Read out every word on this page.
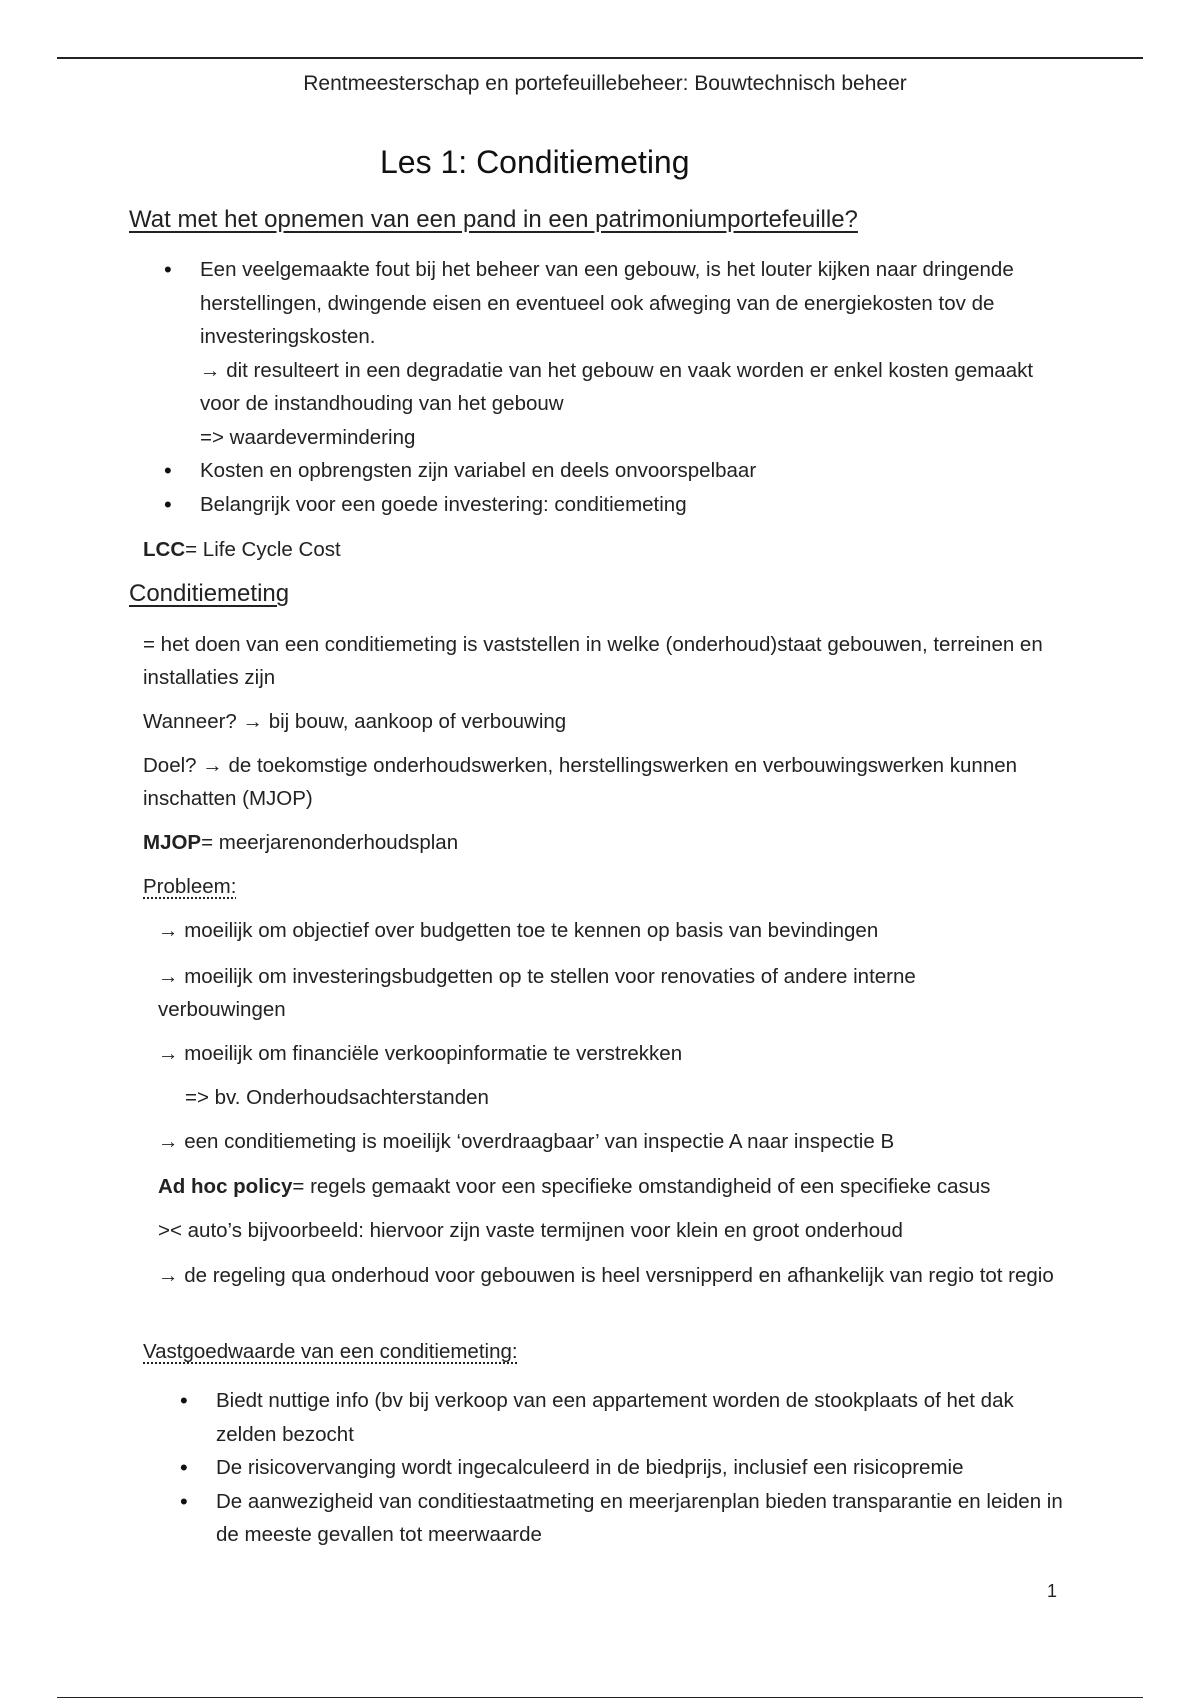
Rentmeesterschap en portefeuillebeheer: Bouwtechnisch beheer
Les 1: Conditiemeting
Wat met het opnemen van een pand in een patrimoniumportefeuille?
• Een veelgemaakte fout bij het beheer van een gebouw, is het louter kijken naar dringende herstellingen, dwingende eisen en eventueel ook afweging van de energiekosten tov de investeringskosten.
→ dit resulteert in een degradatie van het gebouw en vaak worden er enkel kosten gemaakt voor de instandhouding van het gebouw
=> waardevermindering
• Kosten en opbrengsten zijn variabel en deels onvoorspelbaar
• Belangrijk voor een goede investering: conditiemeting

LCC= Life Cycle Cost

Conditiemeting

= het doen van een conditiemeting is vaststellen in welke (onderhoud)staat gebouwen, terreinen en installaties zijn

Wanneer? → bij bouw, aankoop of verbouwing

Doel? → de toekomstige onderhoudswerken, herstellingswerken en verbouwingswerken kunnen inschatten (MJOP)

MJOP= meerjarenonderhoudsplan

Probleem:

→ moeilijk om objectief over budgetten toe te kennen op basis van bevindingen

→ moeilijk om investeringsbudgetten op te stellen voor renovaties of andere interne verbouwingen

→ moeilijk om financiële verkoopinformatie te verstrekken

=> bv. Onderhoudsachterstanden

→ een conditiemeting is moeilijk ‘overdraagbaar’ van inspectie A naar inspectie B

Ad hoc policy= regels gemaakt voor een specifieke omstandigheid of een specifieke casus

>< auto’s bijvoorbeeld: hiervoor zijn vaste termijnen voor klein en groot onderhoud

→ de regeling qua onderhoud voor gebouwen is heel versnipperd en afhankelijk van regio tot regio

Vastgoedwaarde van een conditiemeting:

• Biedt nuttige info (bv bij verkoop van een appartement worden de stookplaats of het dak zelden bezocht
• De risicovervanging wordt ingecalculeerd in de biedprijs, inclusief een risicopremie
• De aanwezigheid van conditiestaatmeting en meerjarenplan bieden transparantie en leiden in de meeste gevallen tot meerwaarde
1
